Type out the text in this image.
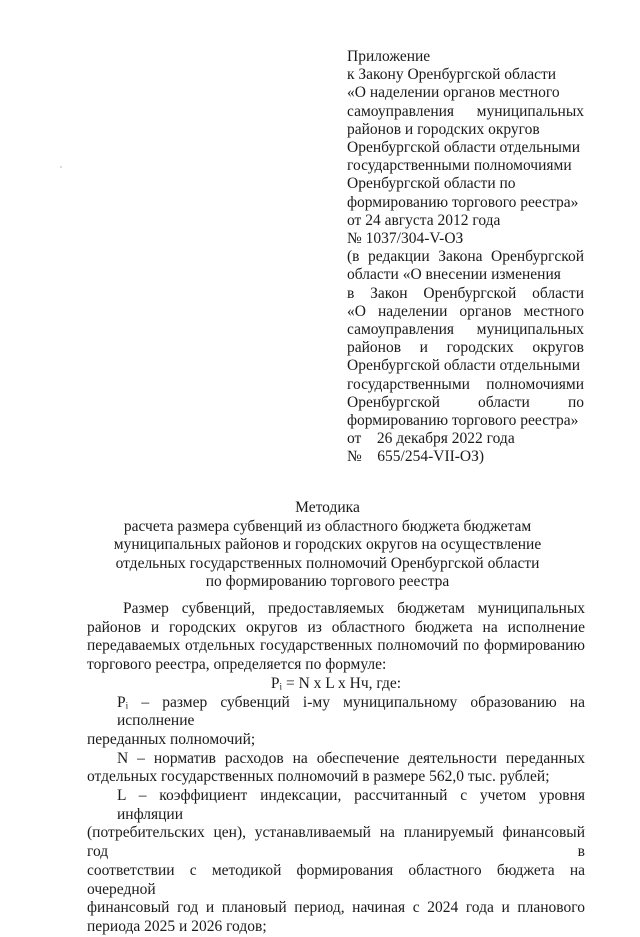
Приложение
к Закону Оренбургской области
«О наделении органов местного
самоуправления муниципальных
районов и городских округов
Оренбургской области отдельными
государственными полномочиями
Оренбургской области по
формированию торгового реестра»
от 24 августа 2012 года
№ 1037/304-V-ОЗ
(в редакции Закона Оренбургской
области «О внесении изменения
в Закон Оренбургской области
«О наделении органов местного
самоуправления муниципальных
районов и городских округов
Оренбургской области отдельными
государственными полномочиями
Оренбургской области по
формированию торгового реестра»
от    26 декабря 2022 года
№    655/254-VII-ОЗ)
Методика
расчета размера субвенций из областного бюджета бюджетам
муниципальных районов и городских округов на осуществление
отдельных государственных полномочий Оренбургской области
по формированию торгового реестра
Размер субвенций, предоставляемых бюджетам муниципальных
районов и городских округов из областного бюджета на исполнение
передаваемых отдельных государственных полномочий по формированию
торгового реестра, определяется по формуле:
Pᵢ = N x L x Hч, где:
Pᵢ – размер субвенций i-му муниципальному образованию на исполнение
переданных полномочий;
N – норматив расходов на обеспечение деятельности переданных
отдельных государственных полномочий в размере 562,0 тыс. рублей;
L – коэффициент индексации, рассчитанный с учетом уровня инфляции
(потребительских цен), устанавливаемый на планируемый финансовый год в
соответствии с методикой формирования областного бюджета на очередной
финансовый год и плановый период, начиная с 2024 года и планового
периода 2025 и 2026 годов;
